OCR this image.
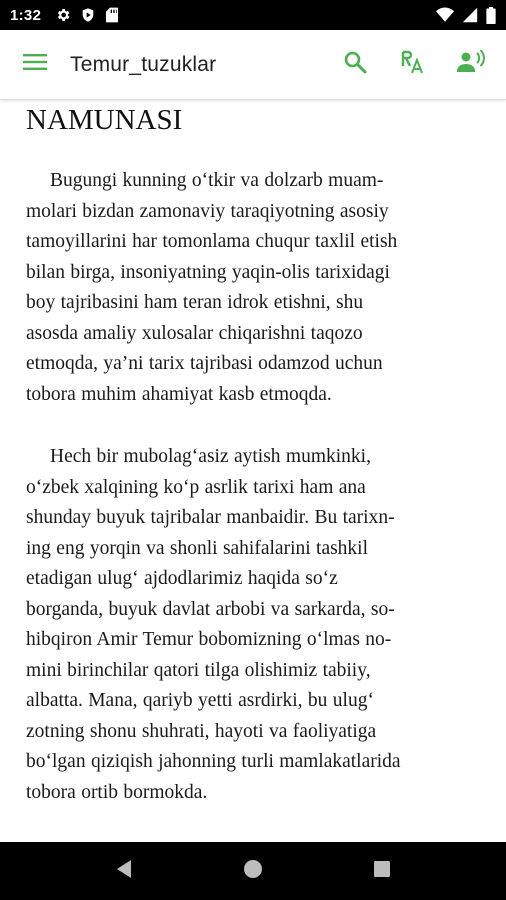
1:32
Temur_tuzuklar
NAMUNASI
Bugungi kunning o‘tkir va dolzarb muam-
molari bizdan zamonaviy taraqiyotning asosiy
tamoyillarini har tomonlama chuqur taxlil etish
bilan birga, insoniyatning yaqin-olis tarixidagi
boy tajribasini ham teran idrok etishni, shu
asosda amaliy xulosalar chiqarishni taqozo
etmoqda, ya’ni tarix tajribasi odamzod uchun
tobora muhim ahamiyat kasb etmoqda.
Hech bir mubolag‘asiz aytish mumkinki,
o‘zbek xalqining ko‘p asrlik tarixi ham ana
shunday buyuk tajribalar manbaidir. Bu tarixn-
ing eng yorqin va shonli sahifalarini tashkil
etadigan ulug‘ ajdodlarimiz haqida so‘z
borganda, buyuk davlat arbobi va sarkarda, so-
hibqiron Amir Temur bobomizning o‘lmas no-
mini birinchilar qatori tilga olishimiz tabiiy,
albatta. Mana, qariyb yetti asrdirki, bu ulug‘
zotning shonu shuhrati, hayoti va faoliyatiga
bo‘lgan qiziqish jahonning turli mamlakatlarida
tobora ortib bormokda.
